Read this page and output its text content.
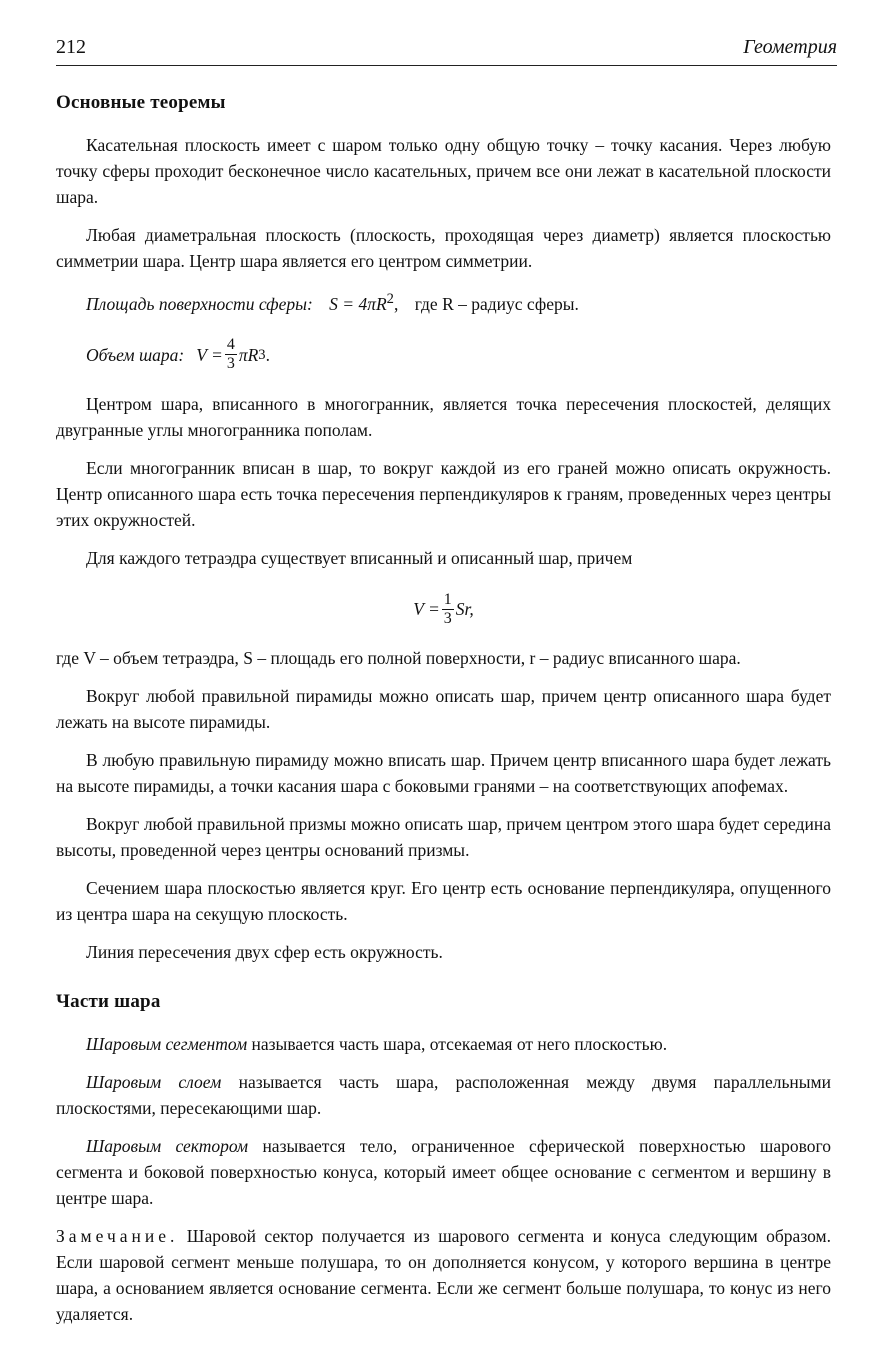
212	Геометрия
Основные теоремы

Касательная плоскость имеет с шаром только одну общую точку – точку касания. Через любую точку сферы проходит бесконечное число касательных, причем все они лежат в касательной плоскости шара.

Любая диаметральная плоскость (плоскость, проходящая через диаметр) является плоскостью симметрии шара. Центр шара является его центром симметрии.

Площадь поверхности сферы: $S = 4\pi R^2$, где R – радиус сферы.
Объем шара: $V = \frac{4}{3}$ πR 3 .

Центром шара, вписанного в многогранник, является точка пересечения плоскостей, делящих двугранные углы многогранника пополам.

Если многогранник вписан в шар, то вокруг каждой из его граней можно описать окружность. Центр описанного шара есть точка пересечения перпендикуляров к граням, проведенных через центры этих окружностей.

Для каждого тетраэдра существует вписанный и описанный шар, причем

$V = \frac{1}{3} Sr$,

где V – объем тетраэдра, S – площадь его полной поверхности, r – радиус вписанного шара.

Вокруг любой правильной пирамиды можно описать шар, причем центр описанного шара будет лежать на высоте пирамиды.

В любую правильную пирамиду можно вписать шар. Причем центр вписанного шара будет лежать на высоте пирамиды, а точки касания шара с боковыми гранями – на соответствующих апофемах.

Вокруг любой правильной призмы можно описать шар, причем центром этого шара будет середина высоты, проведенной через центры оснований призмы.

Сечением шара плоскостью является круг. Его центр есть основание перпендикуляра, опущенного из центра шара на секущую плоскость.

Линия пересечения двух сфер есть окружность.

Части шара

Шаровым сегментом называется часть шара, отсекаемая от него плоскостью.

Шаровым слоем называется часть шара, расположенная между двумя параллельными плоскостями, пересекающими шар.

Шаровым сектором называется тело, ограниченное сферической поверхностью шарового сегмента и боковой поверхностью конуса, который имеет общее основание с сегментом и вершину в центре шара.

Замечание. Шаровой сектор получается из шарового сегмента и конуса следующим образом. Если шаровой сегмент меньше полушара, то он дополняется конусом, у которого вершина в центре шара, а основанием является основание сегмента. Если же сегмент больше полушара, то конус из него удаляется.
